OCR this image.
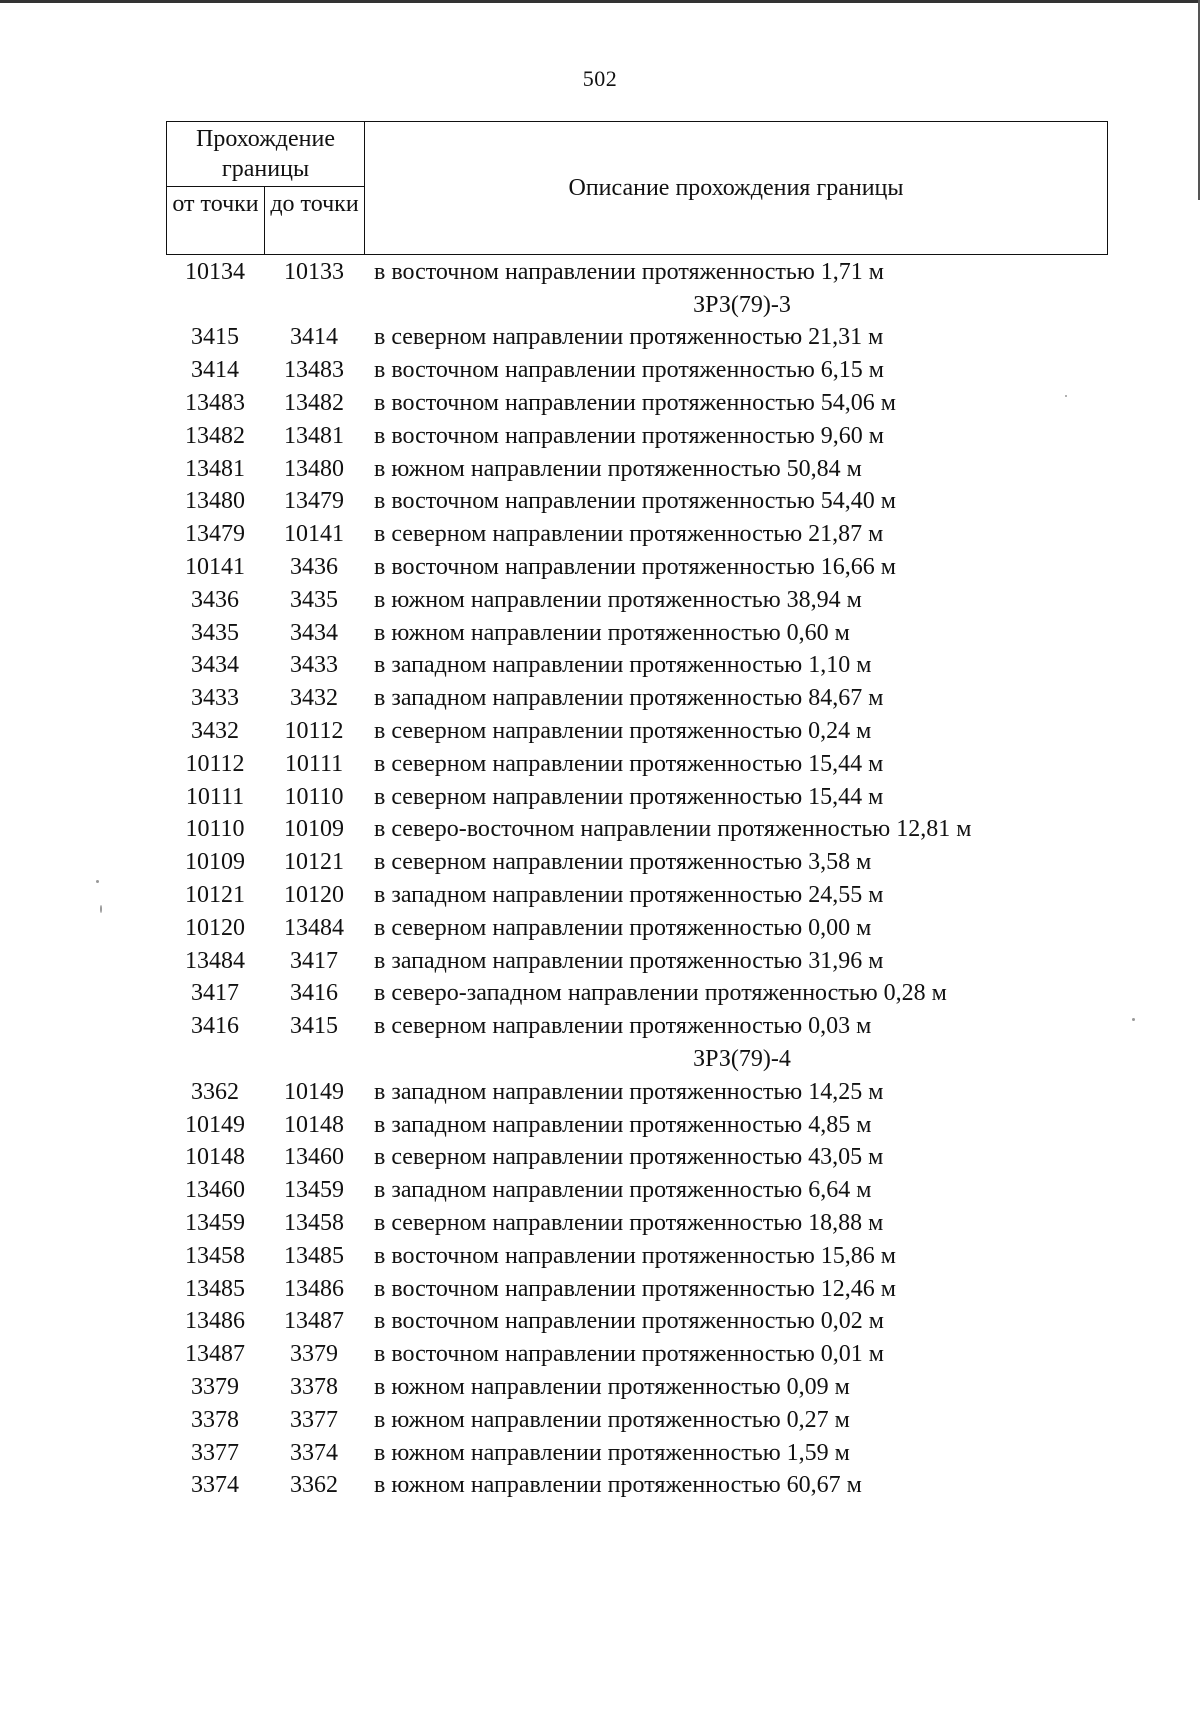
502
Прохождение границы
от точки до точки
Описание прохождения границы
10134	10133	в восточном направлении протяженностью 1,71 м
ЗРЗ(79)-3
3415	3414	в северном направлении протяженностью 21,31 м
3414	13483	в восточном направлении протяженностью 6,15 м
13483	13482	в восточном направлении протяженностью 54,06 м
13482	13481	в восточном направлении протяженностью 9,60 м
13481	13480	в южном направлении протяженностью 50,84 м
13480	13479	в восточном направлении протяженностью 54,40 м
13479	10141	в северном направлении протяженностью 21,87 м
10141	3436	в восточном направлении протяженностью 16,66 м
3436	3435	в южном направлении протяженностью 38,94 м
3435	3434	в южном направлении протяженностью 0,60 м
3434	3433	в западном направлении протяженностью 1,10 м
3433	3432	в западном направлении протяженностью 84,67 м
3432	10112	в северном направлении протяженностью 0,24 м
10112	10111	в северном направлении протяженностью 15,44 м
10111	10110	в северном направлении протяженностью 15,44 м
10110	10109	в северо-восточном направлении протяженностью 12,81 м
10109	10121	в северном направлении протяженностью 3,58 м
10121	10120	в западном направлении протяженностью 24,55 м
10120	13484	в северном направлении протяженностью 0,00 м
13484	3417	в западном направлении протяженностью 31,96 м
3417	3416	в северо-западном направлении протяженностью 0,28 м
3416	3415	в северном направлении протяженностью 0,03 м
ЗРЗ(79)-4
3362	10149	в западном направлении протяженностью 14,25 м
10149	10148	в западном направлении протяженностью 4,85 м
10148	13460	в северном направлении протяженностью 43,05 м
13460	13459	в западном направлении протяженностью 6,64 м
13459	13458	в северном направлении протяженностью 18,88 м
13458	13485	в восточном направлении протяженностью 15,86 м
13485	13486	в восточном направлении протяженностью 12,46 м
13486	13487	в восточном направлении протяженностью 0,02 м
13487	3379	в восточном направлении протяженностью 0,01 м
3379	3378	в южном направлении протяженностью 0,09 м
3378	3377	в южном направлении протяженностью 0,27 м
3377	3374	в южном направлении протяженностью 1,59 м
3374	3362	в южном направлении протяженностью 60,67 м
